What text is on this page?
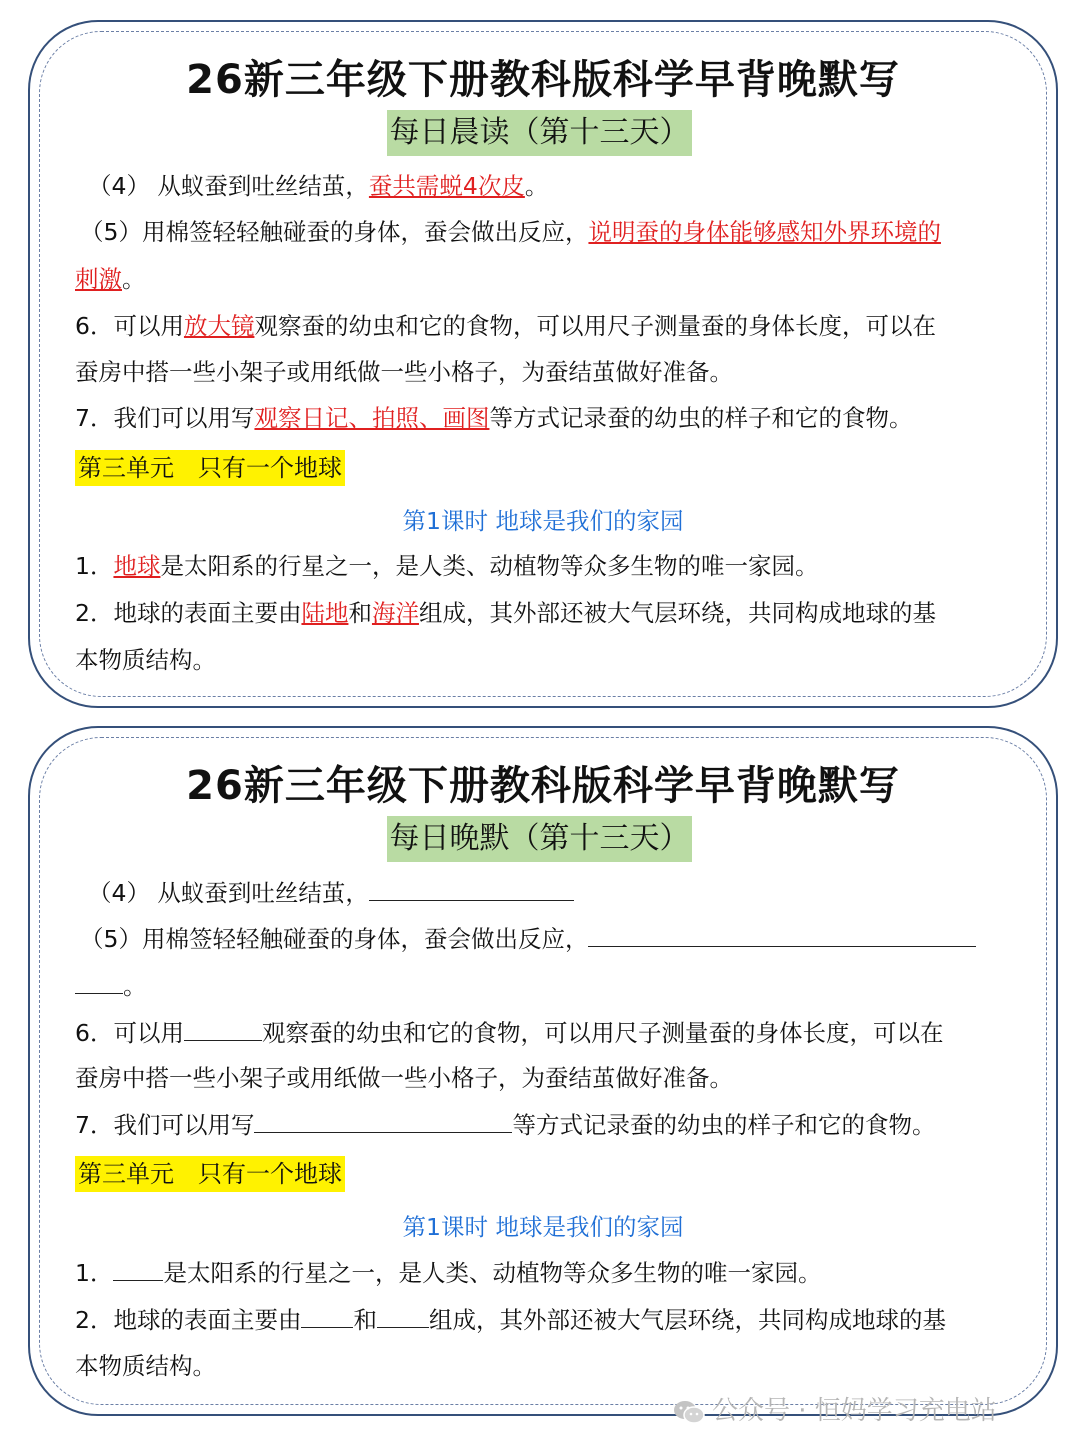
26新三年级下册教科版科学早背晚默写
每日晨读（第十三天）
（4） 从蚁蚕到吐丝结茧，蚕共需蜕4次皮。
（5）用棉签轻轻触碰蚕的身体，蚕会做出反应，说明蚕的身体能够感知外界环境的
刺激。
6．可以用放大镜观察蚕的幼虫和它的食物，可以用尺子测量蚕的身体长度，可以在
蚕房中搭一些小架子或用纸做一些小格子，为蚕结茧做好准备。
7．我们可以用写观察日记、拍照、画图等方式记录蚕的幼虫的样子和它的食物。
第三单元　只有一个地球
第1课时 地球是我们的家园
1．地球是太阳系的行星之一，是人类、动植物等众多生物的唯一家园。
2．地球的表面主要由陆地和海洋组成，其外部还被大气层环绕，共同构成地球的基
本物质结构。
26新三年级下册教科版科学早背晚默写
每日晚默（第十三天）
（4） 从蚁蚕到吐丝结茧，
（5）用棉签轻轻触碰蚕的身体，蚕会做出反应，
。
6．可以用	观察蚕的幼虫和它的食物，可以用尺子测量蚕的身体长度，可以在
蚕房中搭一些小架子或用纸做一些小格子，为蚕结茧做好准备。
7．我们可以用写	等方式记录蚕的幼虫的样子和它的食物。
第三单元　只有一个地球
第1课时 地球是我们的家园
1． 是太阳系的行星之一，是人类、动植物等众多生物的唯一家园。
2．地球的表面主要由 和 组成，其外部还被大气层环绕，共同构成地球的基
本物质结构。
公众号 · 恒妈学习充电站
